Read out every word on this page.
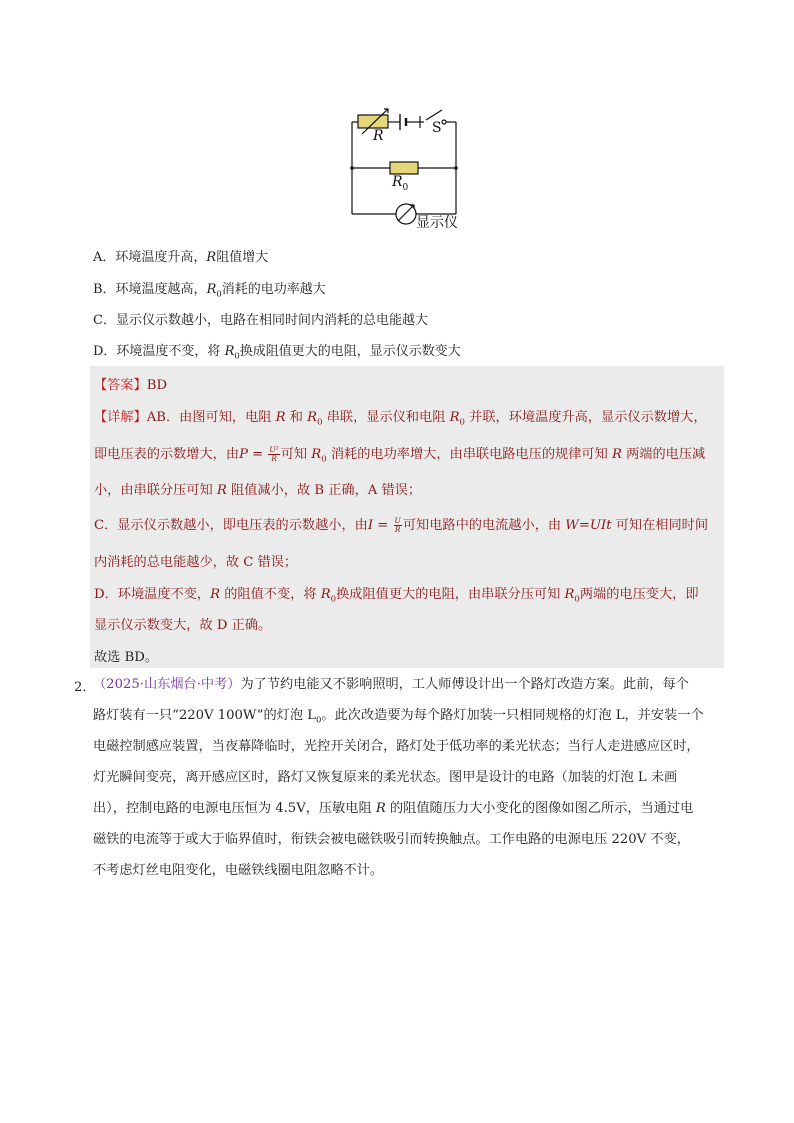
R	S
$R_0$
显示仪
A．环境温度升高，R阻值增大
B．环境温度越高，$R_0$消耗的电功率越大
C．显示仪示数越小，电路在相同时间内消耗的总电能越大
D．环境温度不变，将 $R_0$换成阻值更大的电阻，显示仪示数变大
【答案】BD
【详解】AB．由图可知，电阻 R 和 $R_0$ 串联，显示仪和电阻 $R_0$ 并联，环境温度升高，显示仪示数增大，
即电压表的示数增大，由$P = \frac{\text{U²}}{R}$ 可知 $R_0$ 消耗的电功率增大，由串联电路电压的规律可知 R 两端的电压减
小，由串联分压可知 R 阻值减小，故 B 正确，A 错误；
C．显示仪示数越小，即电压表的示数越小，由$I = \frac{U}{R}$ 可知电路中的电流越小，由 W=UIt 可知在相同时间
内消耗的总电能越少，故 C 错误；
D．环境温度不变，R 的阻值不变，将 $R_0$换成阻值更大的电阻，由串联分压可知 $R_0$两端的电压变大，即
显示仪示数变大，故 D 正确。
故选 BD。
2．
（2025·山东烟台·中考）为了节约电能又不影响照明，工人师傅设计出一个路灯改造方案。此前，每个
路灯装有一只“220V 100W”的灯泡 $L_0$。此次改造要为每个路灯加装一只相同规格的灯泡 L，并安装一个
电磁控制感应装置，当夜幕降临时，光控开关闭合，路灯处于低功率的柔光状态；当行人走进感应区时，
灯光瞬间变亮，离开感应区时，路灯又恢复原来的柔光状态。图甲是设计的电路（加装的灯泡 L 未画
出），控制电路的电源电压恒为 4.5V，压敏电阻 R 的阻值随压力大小变化的图像如图乙所示，当通过电
磁铁的电流等于或大于临界值时，衔铁会被电磁铁吸引而转换触点。工作电路的电源电压 220V 不变，
不考虑灯丝电阻变化，电磁铁线圈电阻忽略不计。
